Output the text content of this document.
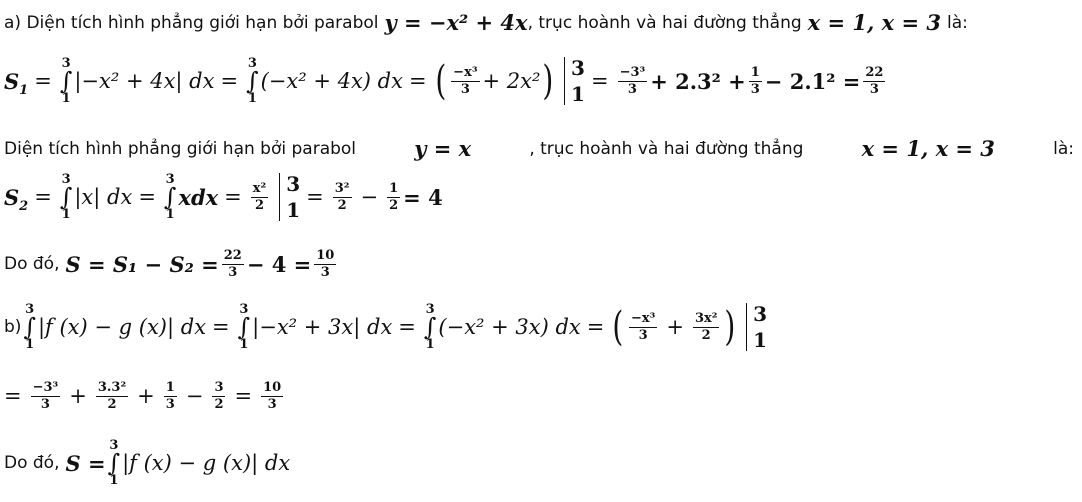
a) Diện tích hình phẳng giới hạn bởi parabol y = −x² + 4x , trục hoành và hai đường thẳng x = 1, x = 3 là:
$S_1$ =
3
∫
1
|−x² + 4x| dx =
3
∫
1
(−x² + 4x) dx = ( $\frac{\text{−x³}}{3} + 2x^2$ ) 3
1
= $\frac{\text{−3³}}{3} + 2.3^2 + \frac{1}{3} - 2.1^2 = \frac{22}{3}$
Diện tích hình phẳng giới hạn bởi parabol	y = x	, trục hoành và hai đường thẳng	x = 1, x = 3	là:
$S_2$ =
3
∫
1
|x| dx =
3
∫
1
xdx = $\frac{\text{x²}}{2} 3$
1
= $\frac{\text{3²}}{2} - \frac{1}{2} = 4$
Do đó, $S = S_1 - S_2 = \frac{22}{3} - 4 = \frac{10}{3}$
b)
3
∫
1
|f (x) − g (x)| dx =
3
∫
1
|−x² + 3x| dx =
3
∫
1
(−x² + 3x) dx = ( $\frac{\text{−x³}}{3} + \frac{\text{3x²}}{2}$ ) 3
1
= $\frac{\text{−3³}}{3} + \frac{\text{3.3²}}{2} + \frac{1}{3} - \frac{3}{2} = \frac{10}{3}$
Do đó, S =
3
∫
1
|f (x) − g (x)| dx
